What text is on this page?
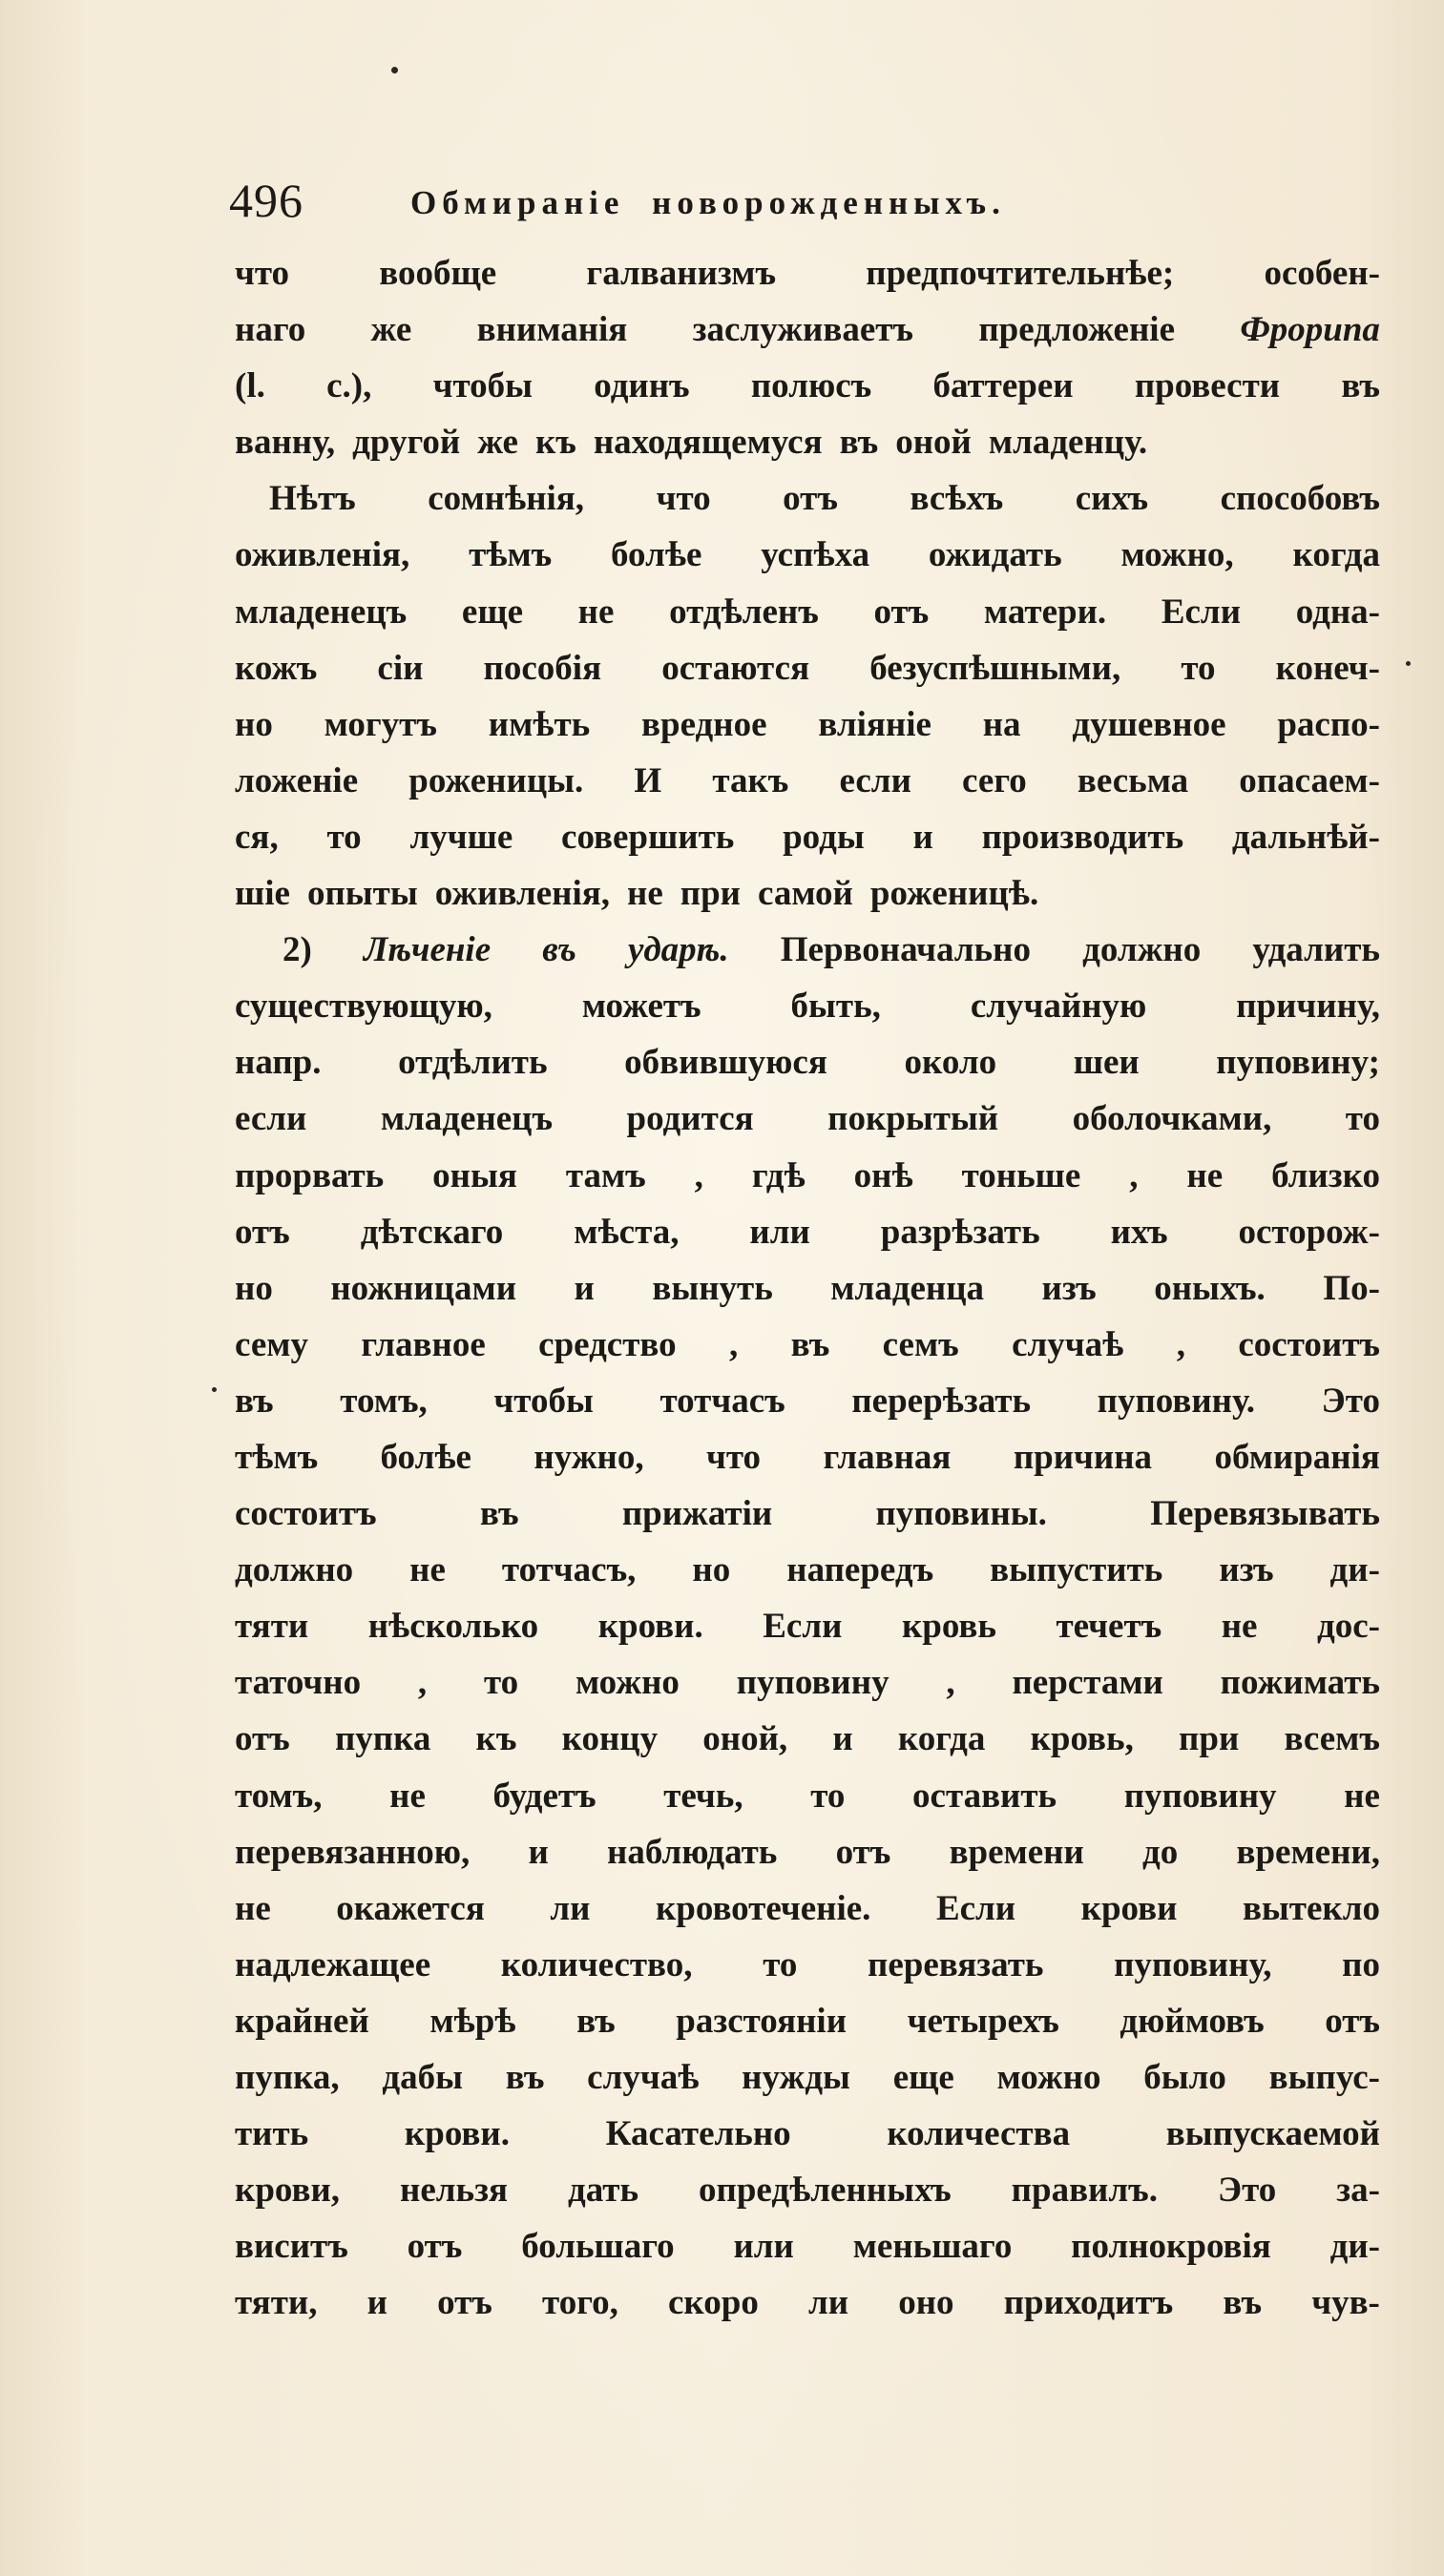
496	Обмиранiе новорожденныхъ.
что	вообще	галванизмъ	предпочтительнѣе;	особен-
наго же вниманiя заслуживаетъ предложенiе Фрорипа
(l. c.), чтобы одинъ полюсъ баттереи провести въ
ванну, другой же къ находящемуся въ оной младенцу.
Нѣтъ сомнѣнiя, что отъ всѣхъ сихъ способовъ
оживленiя, тѣмъ болѣе успѣха ожидать можно, когда
младенецъ еще не отдѣленъ отъ матери. Если одна-
кожъ сiи пособiя остаются безуспѣшными, то конеч-
но могутъ имѣть вредное влiянiе на душевное распо-
ложенiе роженицы. И такъ если сего весьма опасаем-
ся, то лучше совершить роды и производить дальнѣй-
шiе опыты оживленiя, не при самой роженицѣ.
2) Лѣченiе въ ударѣ. Первоначально должно удалить
существующую,	можетъ	быть,	случайную	причину,
напр. отдѣлить обвившуюся около шеи пуповину;
если младенецъ родится покрытый оболочками, то
прорвать оныя тамъ , гдѣ онѣ тоньше , не близко
отъ дѣтскаго мѣста, или разрѣзать ихъ осторож-
но ножницами и вынуть младенца изъ оныхъ. По-
сему главное средство , въ семъ случаѣ , состоитъ
въ томъ, чтобы тотчасъ перерѣзать пуповину. Это
тѣмъ болѣе нужно, что главная причина обмиранiя
состоитъ	въ	прижатiи	пуповины.	Перевязывать
должно не тотчасъ, но напередъ выпустить изъ ди-
тяти нѣсколько крови. Если кровь течетъ не дос-
таточно , то можно пуповину , перстами пожимать
отъ пупка къ концу оной, и когда кровь, при всемъ
томъ, не будетъ течь, то оставить пуповину не
перевязанною, и наблюдать отъ времени до времени,
не окажется ли кровотеченiе. Если крови вытекло
надлежащее количество, то перевязать пуповину, по
крайней мѣрѣ въ разстоянiи четырехъ дюймовъ отъ
пупка, дабы въ случаѣ нужды еще можно было выпус-
тить	крови.	Касательно	количества	выпускаемой
крови, нельзя дать опредѣленныхъ правилъ. Это за-
виситъ отъ большаго или меньшаго полнокровiя ди-
тяти, и отъ того, скоро ли оно приходитъ въ чув-
